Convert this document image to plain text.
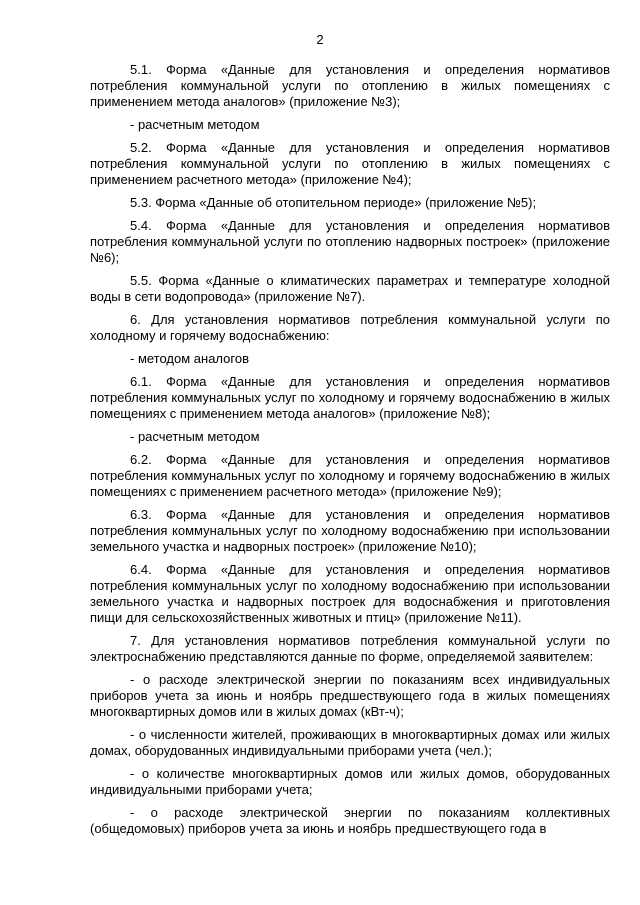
2

5.1. Форма «Данные для установления и определения нормативов потребления коммунальной услуги по отоплению в жилых помещениях с применением метода аналогов» (приложение №3);

- расчетным методом

5.2. Форма «Данные для установления и определения нормативов потребления коммунальной услуги по отоплению в жилых помещениях с применением расчетного метода» (приложение №4);

5.3. Форма «Данные об отопительном периоде» (приложение №5);

5.4. Форма «Данные для установления и определения нормативов потребления коммунальной услуги по отоплению надворных построек» (приложение №6);

5.5. Форма «Данные о климатических параметрах и температуре холодной воды в сети водопровода» (приложение №7).

6. Для установления нормативов потребления коммунальной услуги по холодному и горячему водоснабжению:

- методом аналогов

6.1. Форма «Данные для установления и определения нормативов потребления коммунальных услуг по холодному и горячему водоснабжению в жилых помещениях с применением метода аналогов» (приложение №8);

- расчетным методом

6.2. Форма «Данные для установления и определения нормативов потребления коммунальных услуг по холодному и горячему водоснабжению в жилых помещениях с применением расчетного метода» (приложение №9);

6.3. Форма «Данные для установления и определения нормативов потребления коммунальных услуг по холодному водоснабжению при использовании земельного участка и надворных построек» (приложение №10);

6.4. Форма «Данные для установления и определения нормативов потребления коммунальных услуг по холодному водоснабжению при использовании земельного участка и надворных построек для водоснабжения и приготовления пищи для сельскохозяйственных животных и птиц» (приложение №11).

7. Для установления нормативов потребления коммунальной услуги по электроснабжению представляются данные по форме, определяемой заявителем:

- о расходе электрической энергии по показаниям всех индивидуальных приборов учета за июнь и ноябрь предшествующего года в жилых помещениях многоквартирных домов или в жилых домах (кВт-ч);

- о численности жителей, проживающих в многоквартирных домах или жилых домах, оборудованных индивидуальными приборами учета (чел.);

- о количестве многоквартирных домов или жилых домов, оборудованных индивидуальными приборами учета;

- о расходе электрической энергии по показаниям коллективных (общедомовых) приборов учета за июнь и ноябрь предшествующего года в
